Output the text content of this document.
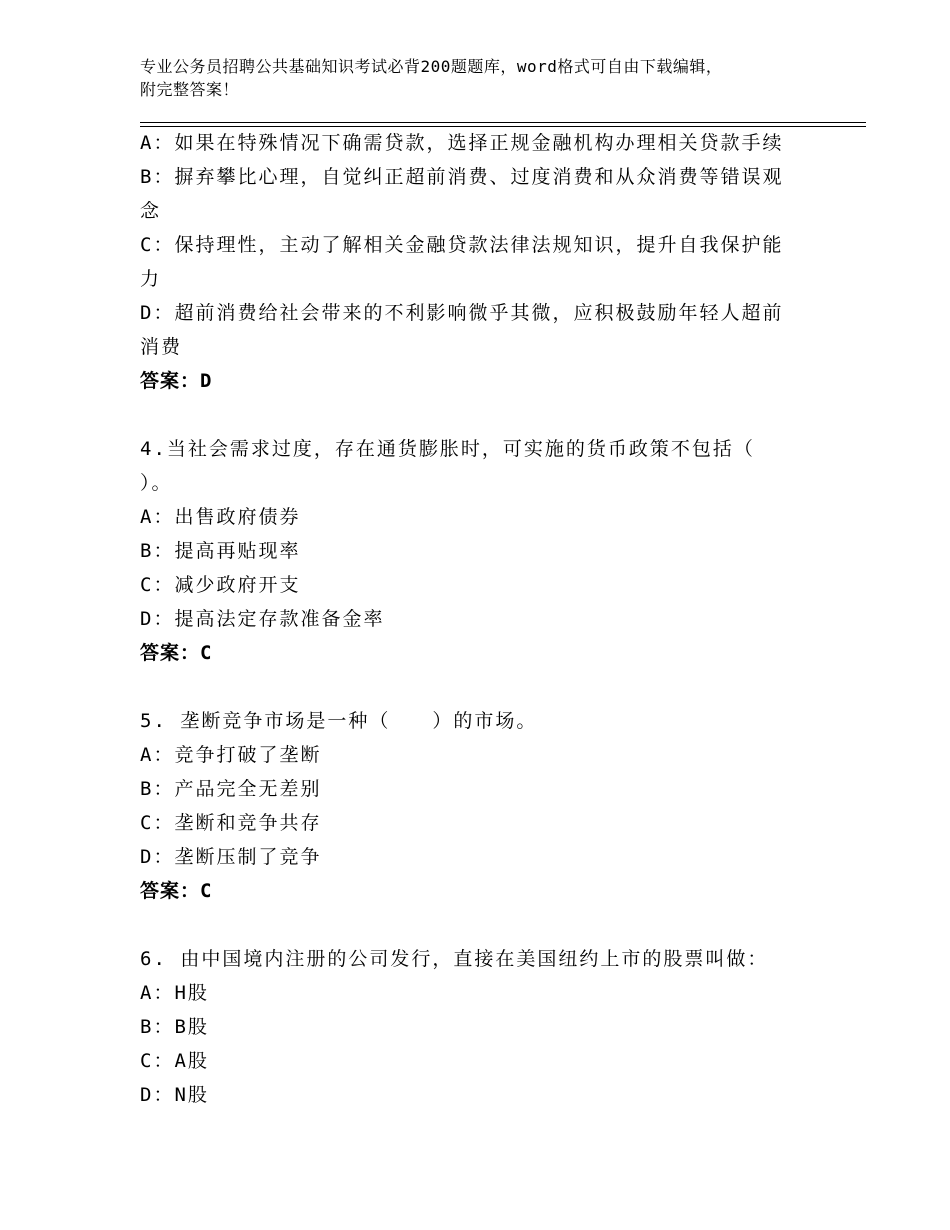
专业公务员招聘公共基础知识考试必背200题题库，word格式可自由下载编辑，
附完整答案！
A：如果在特殊情况下确需贷款，选择正规金融机构办理相关贷款手续
B：摒弃攀比心理，自觉纠正超前消费、过度消费和从众消费等错误观
念
C：保持理性，主动了解相关金融贷款法律法规知识，提升自我保护能
力
D：超前消费给社会带来的不利影响微乎其微，应积极鼓励年轻人超前
消费
答案：D
4.当社会需求过度，存在通货膨胀时，可实施的货币政策不包括（
）。
A：出售政府债券
B：提高再贴现率
C：减少政府开支
D：提高法定存款准备金率
答案：C
5. 垄断竞争市场是一种（　　）的市场。
A：竞争打破了垄断
B：产品完全无差别
C：垄断和竞争共存
D：垄断压制了竞争
答案：C
6. 由中国境内注册的公司发行，直接在美国纽约上市的股票叫做：
A：H股
B：B股
C：A股
D：N股
